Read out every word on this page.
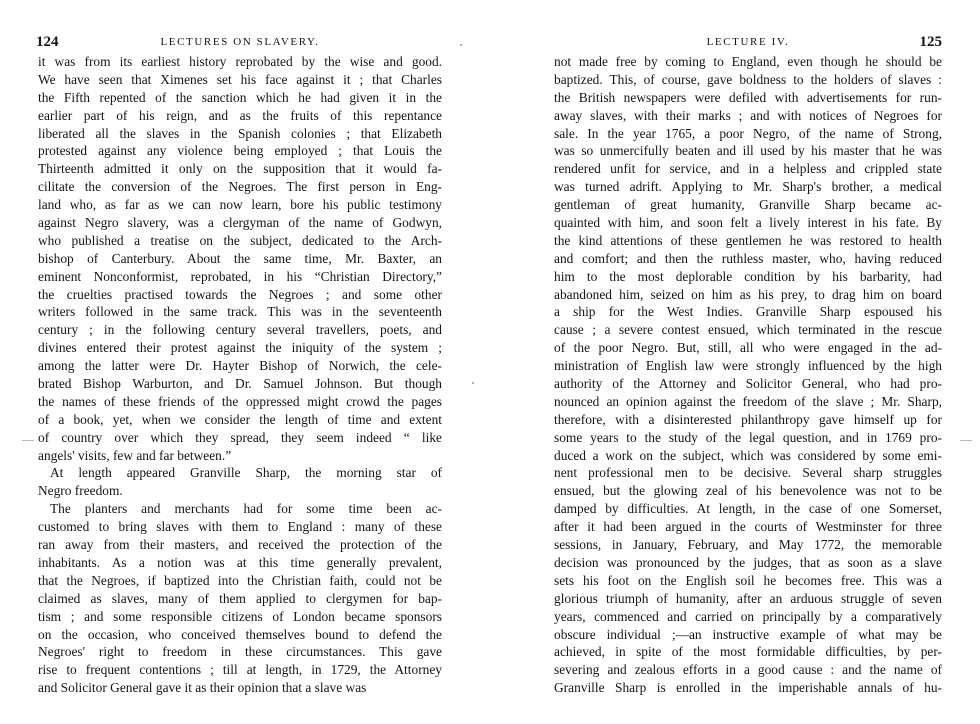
124	LECTURES ON SLAVERY.
it was from its earliest history reprobated by the wise and good.
We have seen that Ximenes set his face against it ; that Charles
the Fifth repented of the sanction which he had given it in the
earlier part of his reign, and as the fruits of this repentance
liberated all the slaves in the Spanish colonies ; that Elizabeth
protested against any violence being employed ; that Louis the
Thirteenth admitted it only on the supposition that it would fa-
cilitate the conversion of the Negroes. The first person in Eng-
land who, as far as we can now learn, bore his public testimony
against Negro slavery, was a clergyman of the name of Godwyn,
who published a treatise on the subject, dedicated to the Arch-
bishop of Canterbury. About the same time, Mr. Baxter, an
eminent Nonconformist, reprobated, in his “Christian Directory,”
the cruelties practised towards the Negroes ; and some other
writers followed in the same track. This was in the seventeenth
century ; in the following century several travellers, poets, and
divines entered their protest against the iniquity of the system ;
among the latter were Dr. Hayter Bishop of Norwich, the cele-
brated Bishop Warburton, and Dr. Samuel Johnson. But though
the names of these friends of the oppressed might crowd the pages
of a book, yet, when we consider the length of time and extent
of country over which they spread, they seem indeed “ like
angels' visits, few and far between.”
At length appeared Granville Sharp, the morning star of
Negro freedom.
The planters and merchants had for some time been ac-
customed to bring slaves with them to England : many of these
ran away from their masters, and received the protection of the
inhabitants. As a notion was at this time generally prevalent,
that the Negroes, if baptized into the Christian faith, could not be
claimed as slaves, many of them applied to clergymen for bap-
tism ; and some responsible citizens of London became sponsors
on the occasion, who conceived themselves bound to defend the
Negroes' right to freedom in these circumstances. This gave
rise to frequent contentions ; till at length, in 1729, the Attorney
and Solicitor General gave it as their opinion that a slave was
LECTURE IV.	125
not made free by coming to England, even though he should be
baptized. This, of course, gave boldness to the holders of slaves :
the British newspapers were defiled with advertisements for run-
away slaves, with their marks ; and with notices of Negroes for
sale. In the year 1765, a poor Negro, of the name of Strong,
was so unmercifully beaten and ill used by his master that he was
rendered unfit for service, and in a helpless and crippled state
was turned adrift. Applying to Mr. Sharp's brother, a medical
gentleman of great humanity, Granville Sharp became ac-
quainted with him, and soon felt a lively interest in his fate. By
the kind attentions of these gentlemen he was restored to health
and comfort; and then the ruthless master, who, having reduced
him to the most deplorable condition by his barbarity, had
abandoned him, seized on him as his prey, to drag him on board
a ship for the West Indies. Granville Sharp espoused his
cause ; a severe contest ensued, which terminated in the rescue
of the poor Negro. But, still, all who were engaged in the ad-
ministration of English law were strongly influenced by the high
authority of the Attorney and Solicitor General, who had pro-
nounced an opinion against the freedom of the slave ; Mr. Sharp,
therefore, with a disinterested philanthropy gave himself up for
some years to the study of the legal question, and in 1769 pro-
duced a work on the subject, which was considered by some emi-
nent professional men to be decisive. Several sharp struggles
ensued, but the glowing zeal of his benevolence was not to be
damped by difficulties. At length, in the case of one Somerset,
after it had been argued in the courts of Westminster for three
sessions, in January, February, and May 1772, the memorable
decision was pronounced by the judges, that as soon as a slave
sets his foot on the English soil he becomes free. This was a
glorious triumph of humanity, after an arduous struggle of seven
years, commenced and carried on principally by a comparatively
obscure individual ;—an instructive example of what may be
achieved, in spite of the most formidable difficulties, by per-
severing and zealous efforts in a good cause : and the name of
Granville Sharp is enrolled in the imperishable annals of hu-
